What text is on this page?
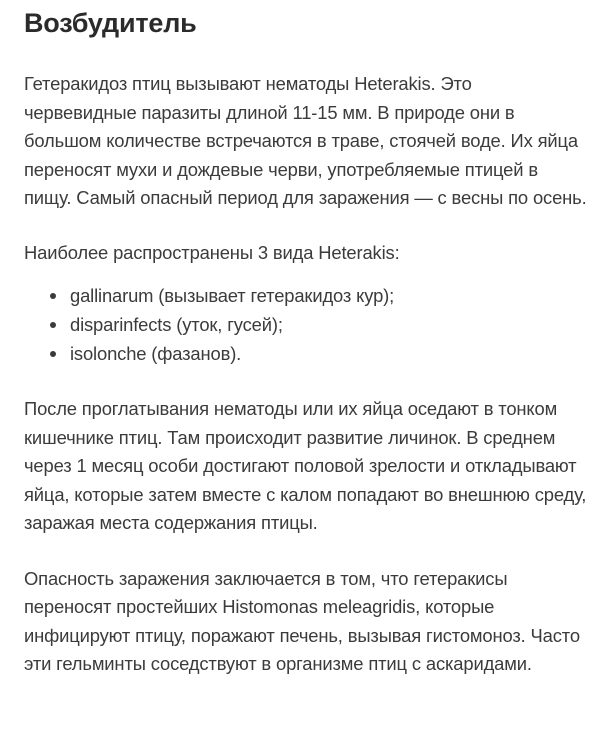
Возбудитель

Гетеракидоз птиц вызывают нематоды Heterakis. Это червевидные паразиты длиной 11-15 мм. В природе они в большом количестве встречаются в траве, стоячей воде. Их яйца переносят мухи и дождевые черви, употребляемые птицей в пищу. Самый опасный период для заражения — с весны по осень.

Наиболее распространены 3 вида Heterakis:

gallinarum (вызывает гетеракидоз кур);
disparinfects (уток, гусей);
isolonche (фазанов).

После проглатывания нематоды или их яйца оседают в тонком кишечнике птиц. Там происходит развитие личинок. В среднем через 1 месяц особи достигают половой зрелости и откладывают яйца, которые затем вместе с калом попадают во внешнюю среду, заражая места содержания птицы.

Опасность заражения заключается в том, что гетеракисы переносят простейших Histomonas meleagridis, которые инфицируют птицу, поражают печень, вызывая гистомоноз. Часто эти гельминты соседствуют в организме птиц с аскаридами.
